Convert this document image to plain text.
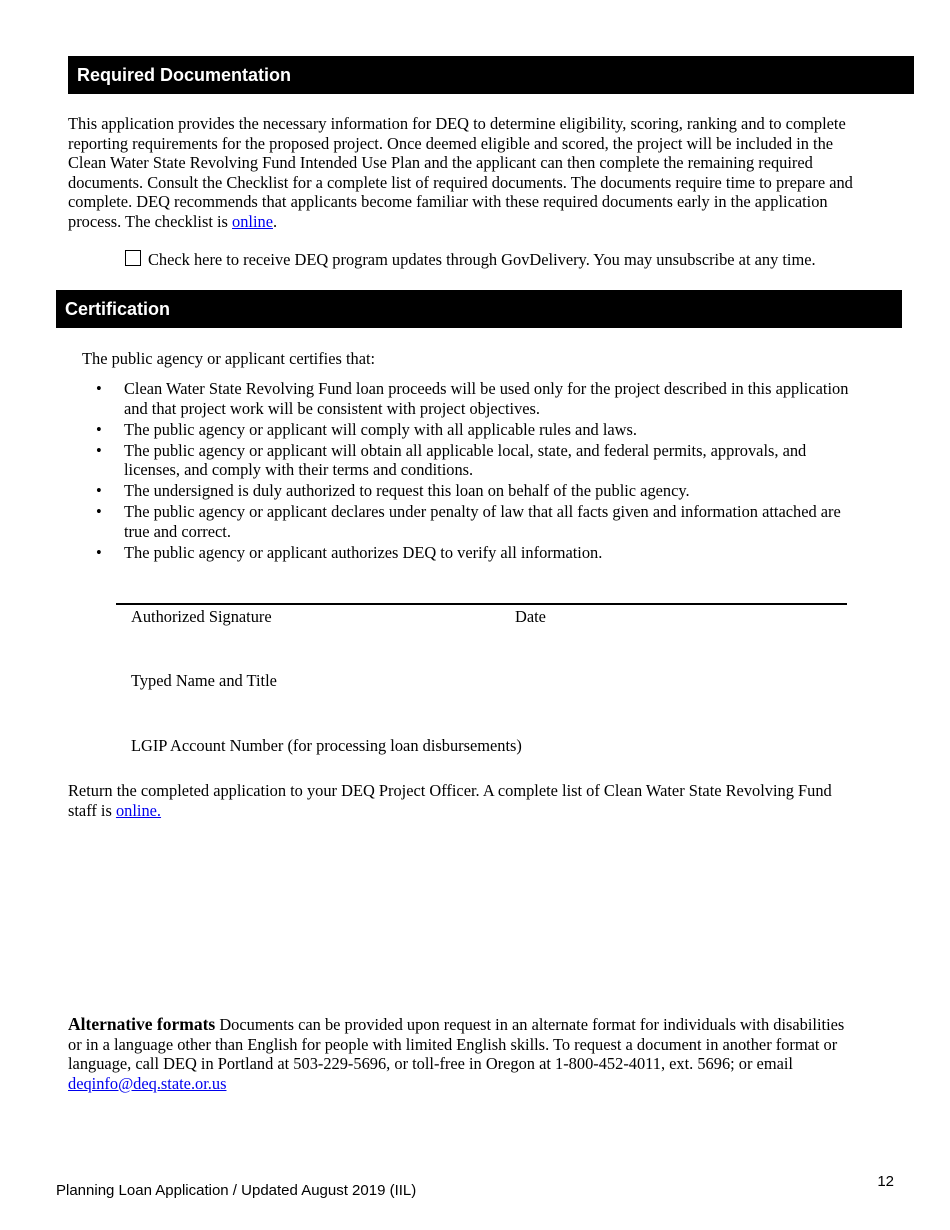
Required Documentation
This application provides the necessary information for DEQ to determine eligibility, scoring, ranking and to complete reporting requirements for the proposed project. Once deemed eligible and scored, the project will be included in the Clean Water State Revolving Fund Intended Use Plan and the applicant can then complete the remaining required documents. Consult the Checklist for a complete list of required documents. The documents require time to prepare and complete. DEQ recommends that applicants become familiar with these required documents early in the application process. The checklist is online.
Check here to receive DEQ program updates through GovDelivery. You may unsubscribe at any time.
Certification
The public agency or applicant certifies that:
• Clean Water State Revolving Fund loan proceeds will be used only for the project described in this application and that project work will be consistent with project objectives.
• The public agency or applicant will comply with all applicable rules and laws.
• The public agency or applicant will obtain all applicable local, state, and federal permits, approvals, and licenses, and comply with their terms and conditions.
• The undersigned is duly authorized to request this loan on behalf of the public agency.
• The public agency or applicant declares under penalty of law that all facts given and information attached are true and correct.
• The public agency or applicant authorizes DEQ to verify all information.
Authorized Signature	Date
Typed Name and Title
LGIP Account Number (for processing loan disbursements)
Return the completed application to your DEQ Project Officer. A complete list of Clean Water State Revolving Fund staff is online.
Alternative formats Documents can be provided upon request in an alternate format for individuals with disabilities or in a language other than English for people with limited English skills. To request a document in another format or language, call DEQ in Portland at 503-229-5696, or toll-free in Oregon at 1-800-452-4011, ext. 5696; or email deqinfo@deq.state.or.us
Planning Loan Application / Updated August 2019 (IIL)
12
